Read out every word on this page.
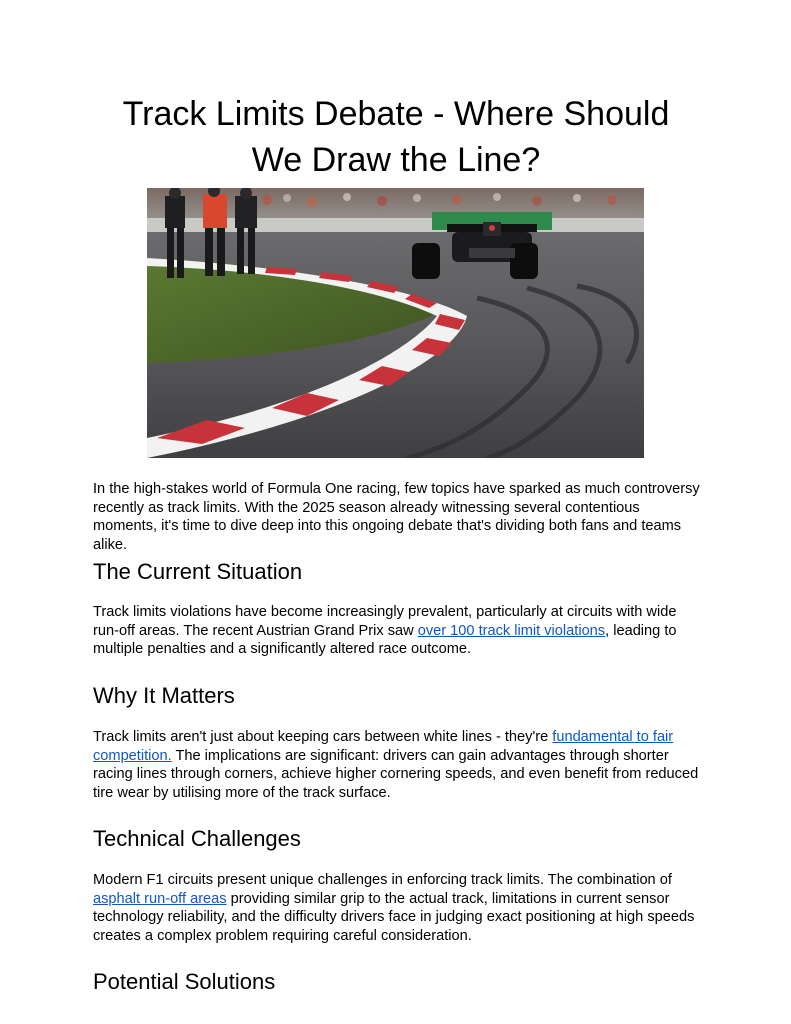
Track Limits Debate - Where Should We Draw the Line?

In the high-stakes world of Formula One racing, few topics have sparked as much controversy recently as track limits. With the 2025 season already witnessing several contentious moments, it's time to dive deep into this ongoing debate that's dividing both fans and teams alike.

The Current Situation

Track limits violations have become increasingly prevalent, particularly at circuits with wide run-off areas. The recent Austrian Grand Prix saw over 100 track limit violations, leading to multiple penalties and a significantly altered race outcome.

Why It Matters

Track limits aren't just about keeping cars between white lines - they're fundamental to fair competition. The implications are significant: drivers can gain advantages through shorter racing lines through corners, achieve higher cornering speeds, and even benefit from reduced tire wear by utilising more of the track surface.

Technical Challenges

Modern F1 circuits present unique challenges in enforcing track limits. The combination of asphalt run-off areas providing similar grip to the actual track, limitations in current sensor technology reliability, and the difficulty drivers face in judging exact positioning at high speeds creates a complex problem requiring careful consideration.

Potential Solutions
